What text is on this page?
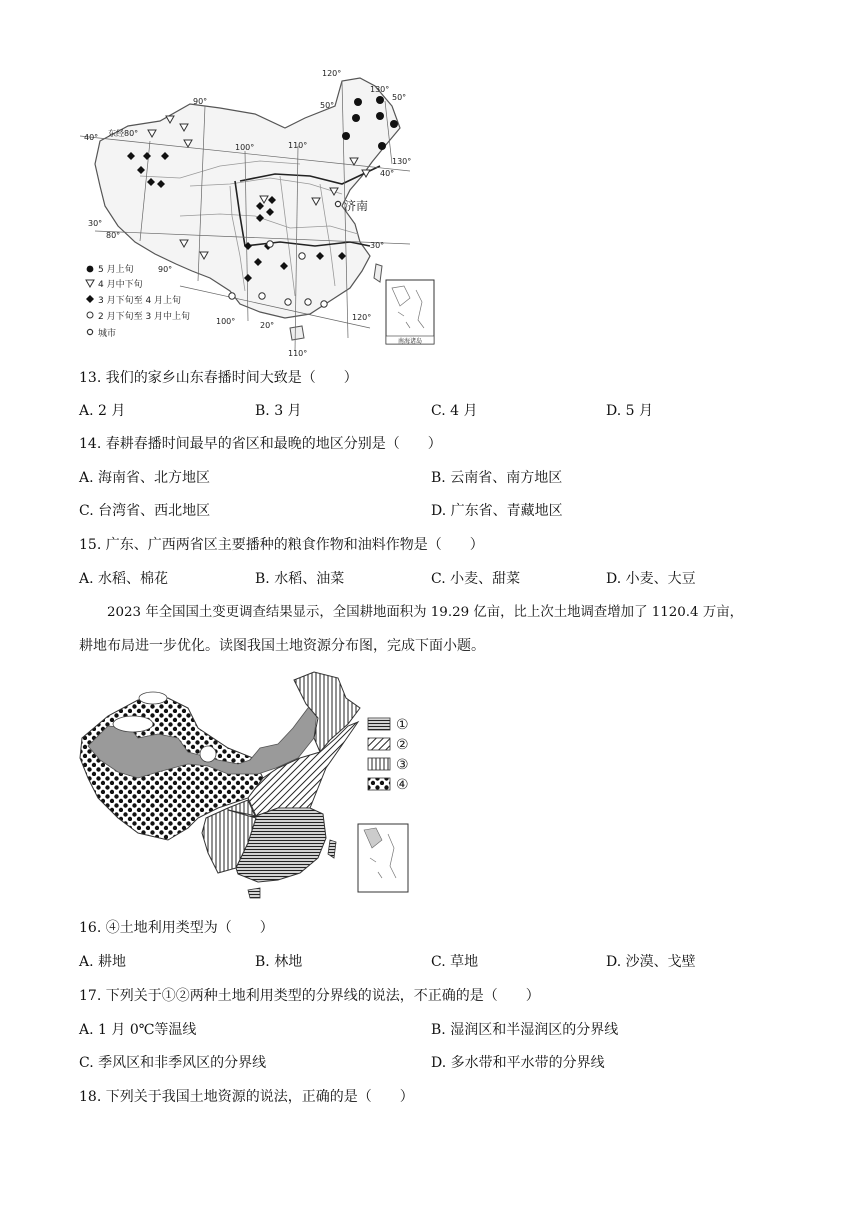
120°
90°
东经80°
100°	110°
130°
50°
50°
130°
40°
40°
30°
80°
90°
30°
20°
100°	120°
110°
济南
5 月上旬
4 月中下旬
3 月下旬至 4 月上旬
2 月下旬至 3 月中上旬
城市
南海诸岛
13. 我们的家乡山东春播时间大致是（　　）
A. 2 月	B. 3 月	C. 4 月	D. 5 月
14. 春耕春播时间最早的省区和最晚的地区分别是（　　）
A. 海南省、北方地区	B. 云南省、南方地区
C. 台湾省、西北地区	D. 广东省、青藏地区
15. 广东、广西两省区主要播种的粮食作物和油料作物是（　　）
A. 水稻、棉花	B. 水稻、油菜	C. 小麦、甜菜	D. 小麦、大豆
2023 年全国国土变更调查结果显示，全国耕地面积为 19.29 亿亩，比上次土地调查增加了 1120.4 万亩，
耕地布局进一步优化。读图我国土地资源分布图，完成下面小题。
①
②
③
④
16. ④土地利用类型为（　　）
A. 耕地	B. 林地	C. 草地	D. 沙漠、戈壁
17. 下列关于①②两种土地利用类型的分界线的说法，不正确的是（　　）
A. 1 月 0℃等温线	B. 湿润区和半湿润区的分界线
C. 季风区和非季风区的分界线	D. 多水带和平水带的分界线
18. 下列关于我国土地资源的说法，正确的是（　　）
